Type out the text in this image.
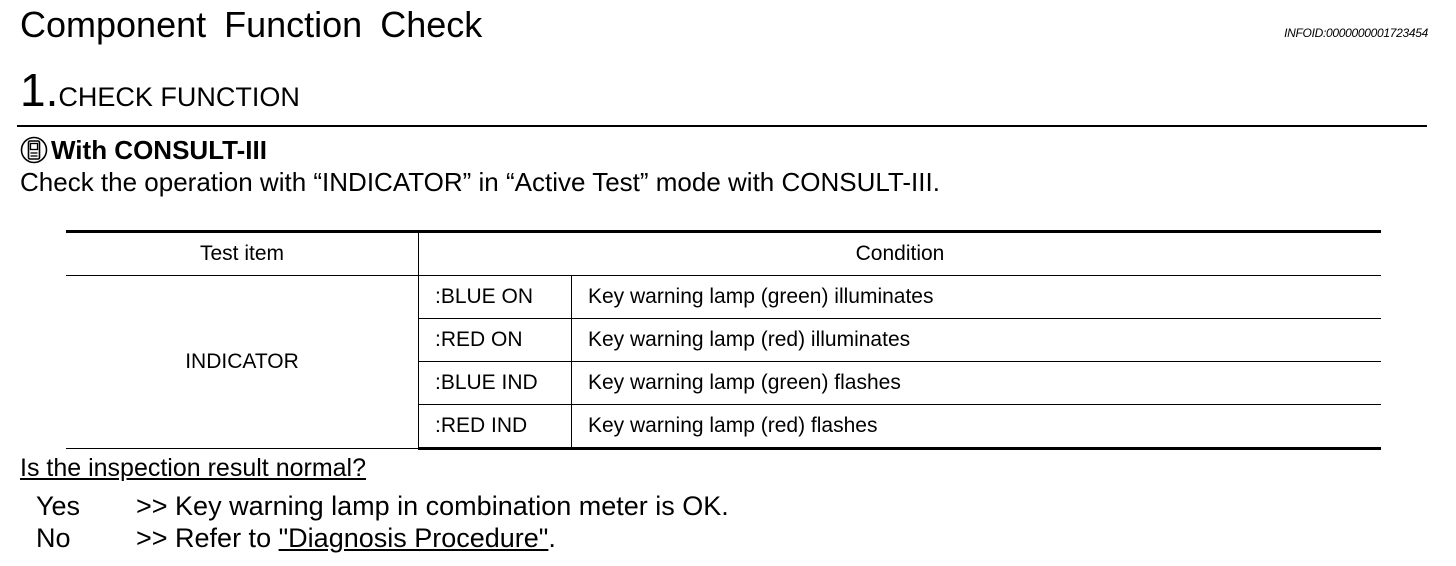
Component Function Check	INFOID:0000000001723454
1.CHECK FUNCTION
With CONSULT-III
Check the operation with “INDICATOR” in “Active Test” mode with CONSULT-III.
Test item	Condition	
INDICATOR	:BLUE ON	Key warning lamp (green) illuminates
	:RED ON	Key warning lamp (red) illuminates
	:BLUE IND	Key warning lamp (green) flashes
	:RED IND	Key warning lamp (red) flashes
Is the inspection result normal?
Yes	>> Key warning lamp in combination meter is OK.
No	>> Refer to "Diagnosis Procedure" .
